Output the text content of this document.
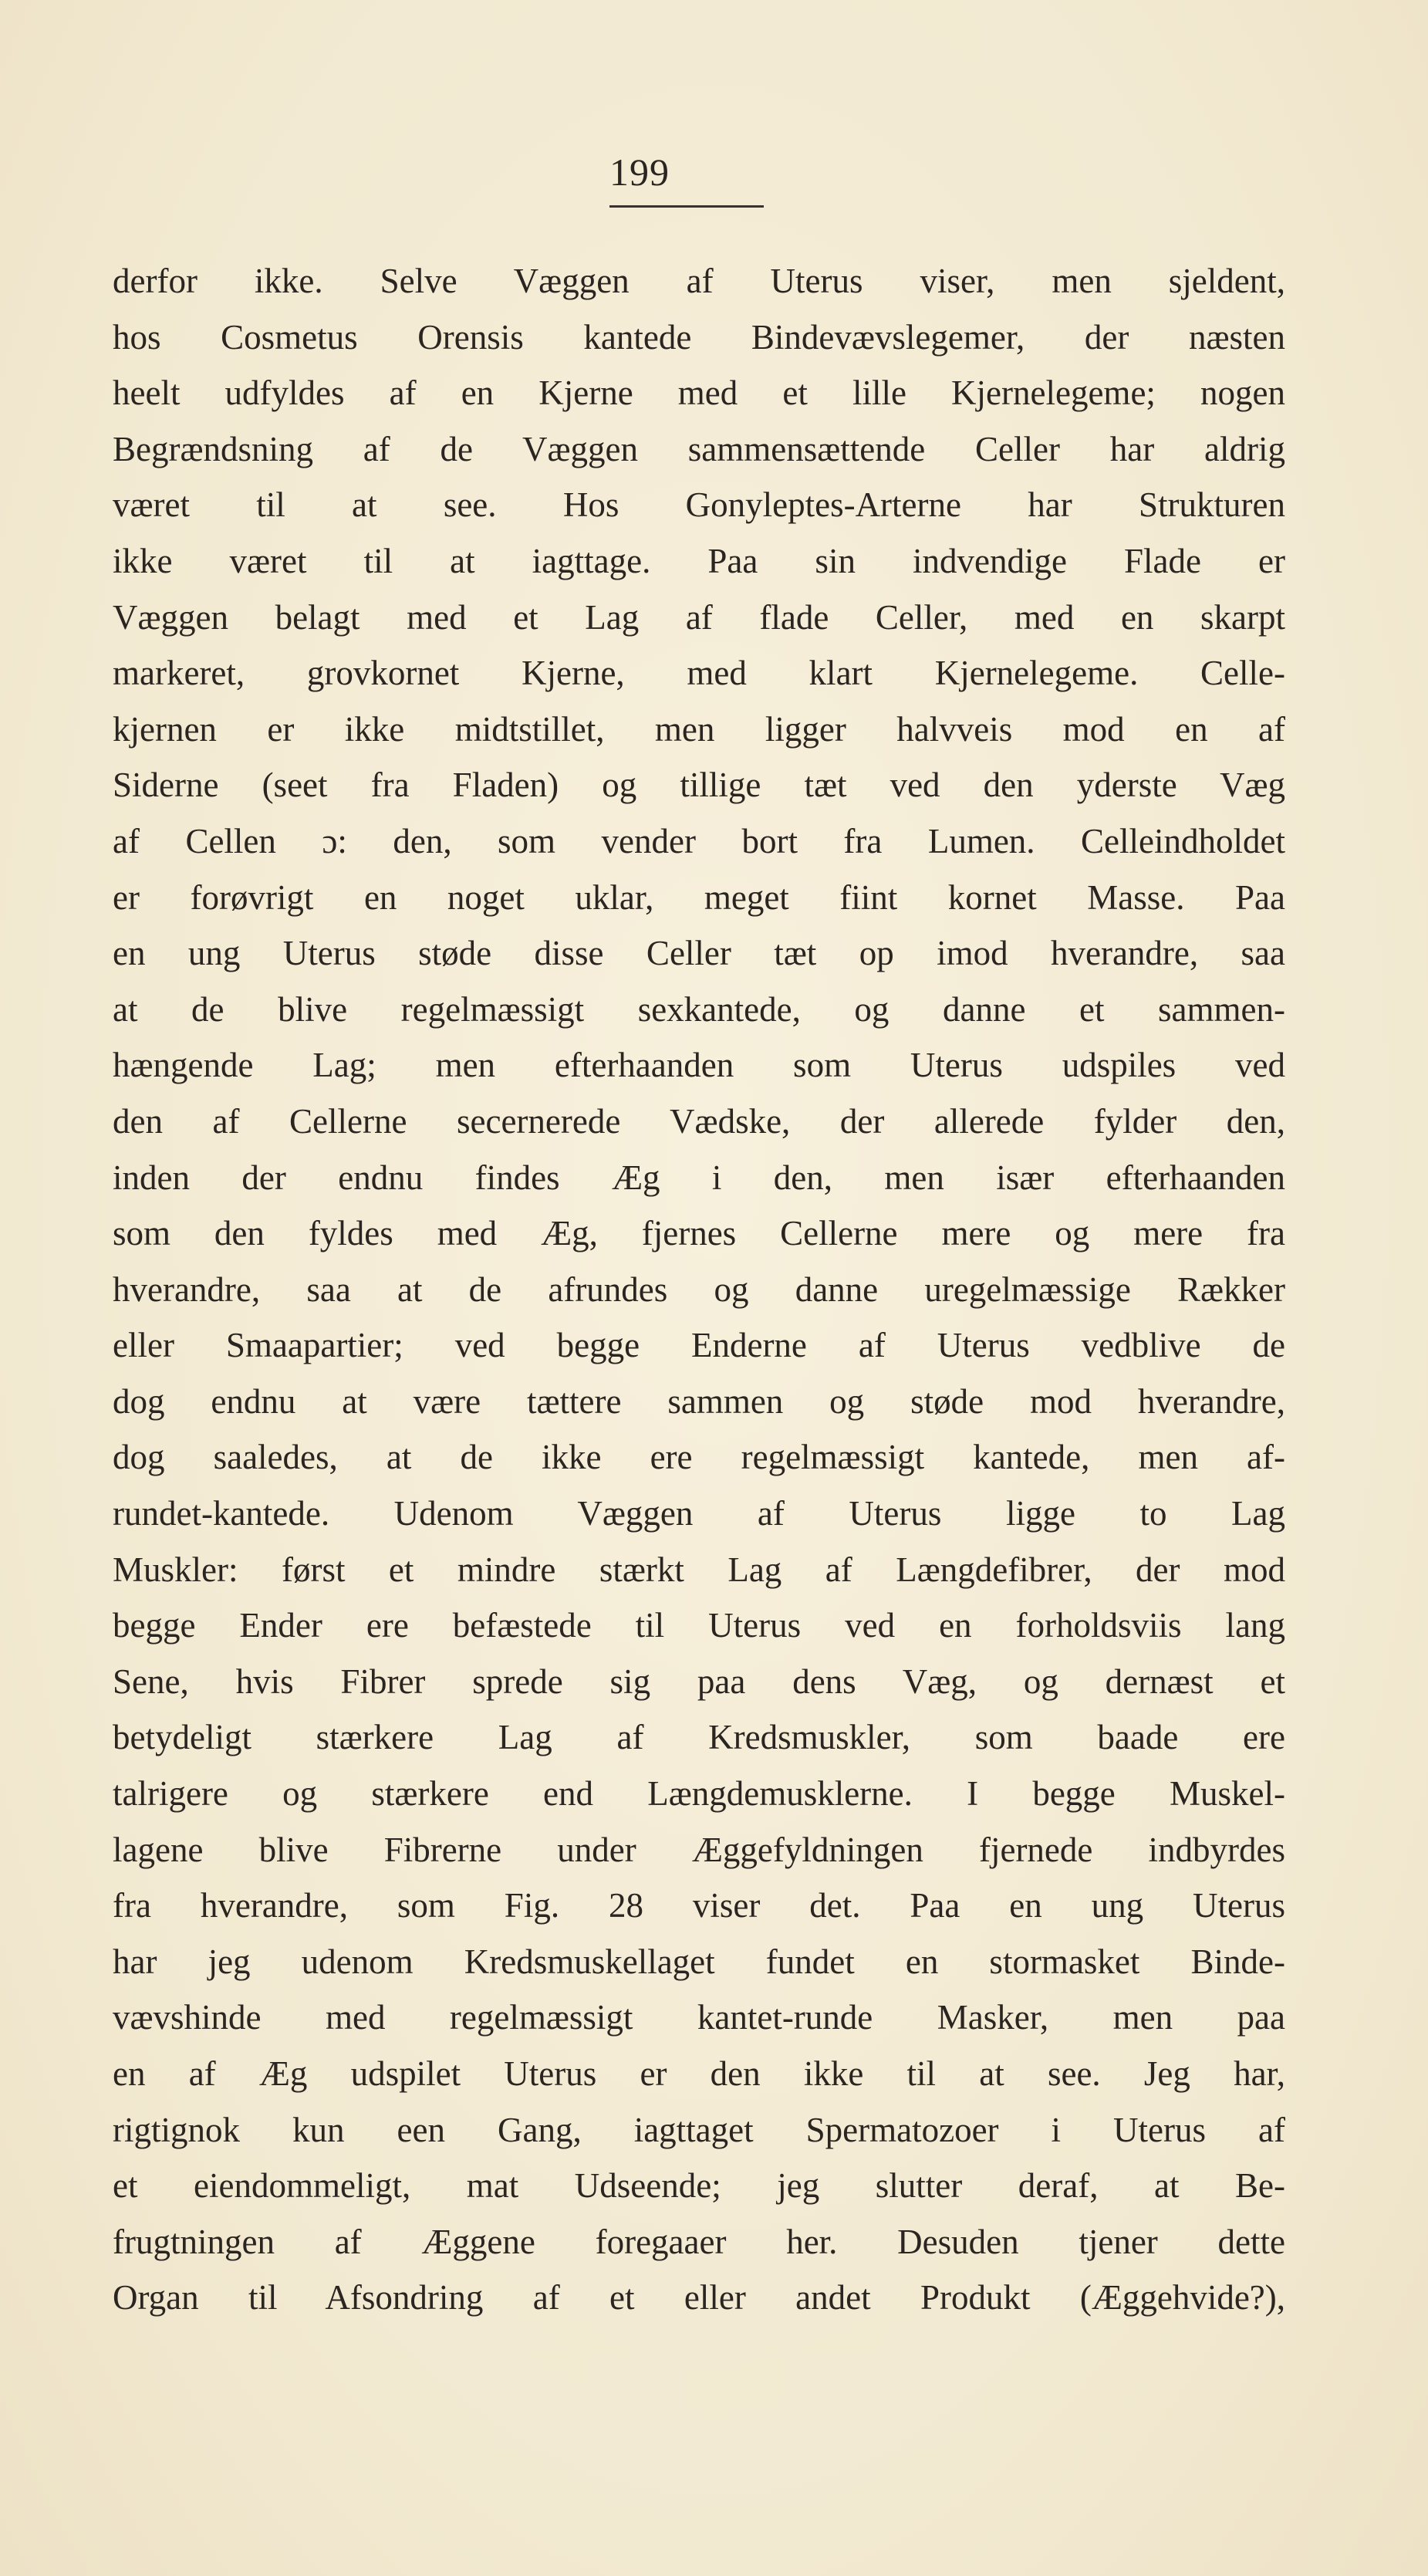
199
derfor ikke. Selve Væggen af Uterus viser, men sjeldent,
hos Cosmetus Orensis kantede Bindevævslegemer, der næsten
heelt udfyldes af en Kjerne med et lille Kjernelegeme; nogen
Begrændsning af de Væggen sammensættende Celler har aldrig
været til at see. Hos Gonyleptes-Arterne har Strukturen
ikke været til at iagttage. Paa sin indvendige Flade er
Væggen belagt med et Lag af flade Celler, med en skarpt
markeret, grovkornet Kjerne, med klart Kjernelegeme. Celle-
kjernen er ikke midtstillet, men ligger halvveis mod en af
Siderne (seet fra Fladen) og tillige tæt ved den yderste Væg
af Cellen ɔ: den, som vender bort fra Lumen. Celleindholdet
er forøvrigt en noget uklar, meget fiint kornet Masse. Paa
en ung Uterus støde disse Celler tæt op imod hverandre, saa
at de blive regelmæssigt sexkantede, og danne et sammen-
hængende Lag; men efterhaanden som Uterus udspiles ved
den af Cellerne secernerede Vædske, der allerede fylder den,
inden der endnu findes Æg i den, men især efterhaanden
som den fyldes med Æg, fjernes Cellerne mere og mere fra
hverandre, saa at de afrundes og danne uregelmæssige Rækker
eller Smaapartier; ved begge Enderne af Uterus vedblive de
dog endnu at være tættere sammen og støde mod hverandre,
dog saaledes, at de ikke ere regelmæssigt kantede, men af-
rundet-kantede. Udenom Væggen af Uterus ligge to Lag
Muskler: først et mindre stærkt Lag af Længdefibrer, der mod
begge Ender ere befæstede til Uterus ved en forholdsviis lang
Sene, hvis Fibrer sprede sig paa dens Væg, og dernæst et
betydeligt stærkere Lag af Kredsmuskler, som baade ere
talrigere og stærkere end Længdemusklerne. I begge Muskel-
lagene blive Fibrerne under Æggefyldningen fjernede indbyrdes
fra hverandre, som Fig. 28 viser det. Paa en ung Uterus
har jeg udenom Kredsmuskellaget fundet en stormasket Binde-
vævshinde med regelmæssigt kantet-runde Masker, men paa
en af Æg udspilet Uterus er den ikke til at see. Jeg har,
rigtignok kun een Gang, iagttaget Spermatozoer i Uterus af
et eiendommeligt, mat Udseende; jeg slutter deraf, at Be-
frugtningen af Æggene foregaaer her. Desuden tjener dette
Organ til Afsondring af et eller andet Produkt (Æggehvide?),
